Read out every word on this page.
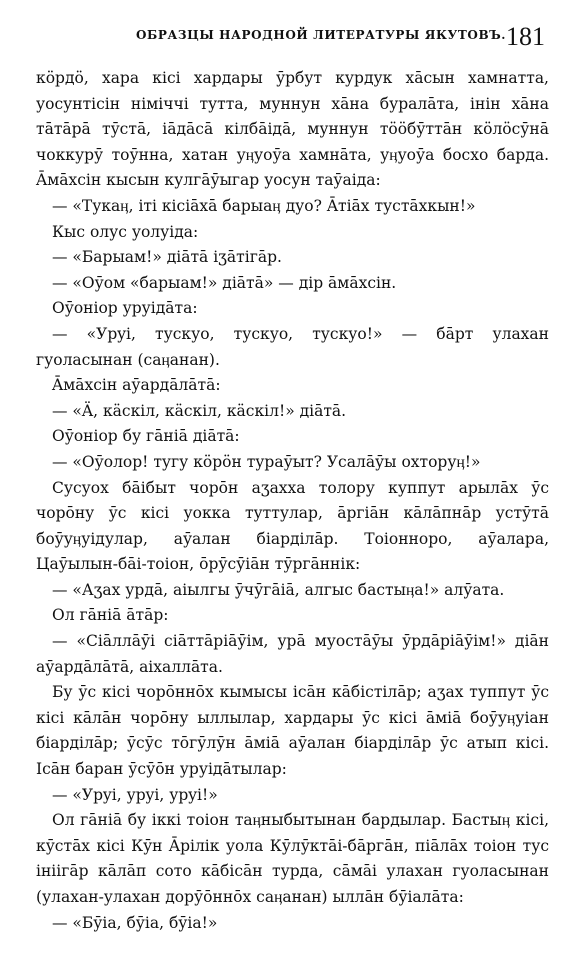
ОБРАЗЦЫ НАРОДНОЙ ЛИТЕРАТУРЫ ЯКУТОВЪ. 181

кöрдö, хара кiсi хардары ӯрбут курдук хāсын хамнатта, уосунтiсiн нiмiччi тутта, муннун хāна буралāта, iнiн хāна тāтāрā тӯстā, iāдāсā кiлбāiдā, муннун тööбӯттāн кöлöсӯнā чоккурӯ тоӯнна, хатан уӊуоӯа хамнāта, уӊуоӯа босхо барда. Āмāхсiн кысын кулгāӯыгар уосун таӯаiда:

— «Тукаӊ, iтi кiсiāхā барыаӊ дуо? Āтiāх тустāхкын!»

Кыс олус уолуiда:

— «Барыам!» дiāтā iӡāтiгāр.

— «Оӯом «барыам!» дiāтā» — дiр āмāхсiн.

Оӯонiор уруiдāта:

— «Урyi, тускуо, тускуо, тускуо!» — бāрт улахан гуоласынан (саӊанан).

Āмāхсiн аӯардāлāтā:

— «Ä, кäскiл, кäскiл, кäскiл!» дiāтā.

Оӯонiор бу гāнiā дiāтā:

— «Оӯолор! тугу кöрöн тураӯыт? Усалāӯы охторуӊ!»

Сусуох бāiбыт чорōн аӡахха толору куппут арылāх ӯс чорōну ӯс кiсi уокка туттулар, āргiāн кāлāпнāр устӯтā боӯуӊуiдулар, аӯалан бiардiлāр. Тоiонноро, аӯалара, Цаӯылын-бāi-тоiон, ōрӯсӯiāн тӯргāннiк:

— «Аӡах урдā, аiылгы ӯчӯгāiā, алгыс бастыӊа!» алӯата.

Ол гāнiā āтāр:

— «Сiāллāӯi сiāттāрiāӯiм, урā муостāӯы ӯрдāрiāӯiм!» дiāн аӯардāлāтā, аiхаллāта.

Бу ӯс кiсi чорōннōх кымысы iсāн кāбiстiлāр; аӡах туппут ӯс кiсi кāлāн чорōну ыллылар, хардары ӯс кiсi āмiā боӯуӊуiан бiардiлāр; ӯсӯс тōгӯлӯн āмiā аӯалан бiардiлāр ӯс атып кiсi. Iсāн баран ӯсӯōн уруiдāтылар:

— «Урyi, урyi, урyi!»

Ол гāнiā бу iккi тоiон таӊныбытынан бардылар. Бастыӊ кiсi, кӯстāх кiсi Кӯн Āрiлiк уола Кӯлӯктāi-бāргāн, пiāлāх тоiон тус iнiiгāр кāлāп сото кāбiсāн турда, сāмāi улахан гуоласынан (улахан-улахан дорӯōннōх саӊанан) ыллāн бӯiалāта:

— «Бӯiа, бӯiа, бӯiа!»
